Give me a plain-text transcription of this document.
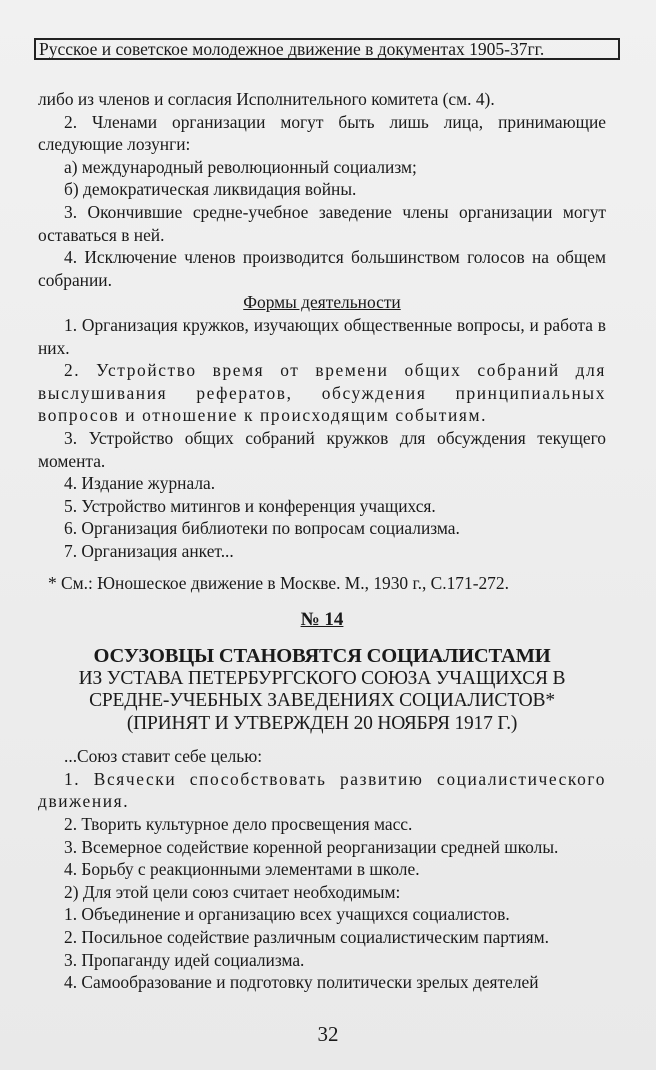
Русское и советское молодежное движение в документах 1905-37гг.

либо из членов и согласия Исполнительного комитета (см. 4).

2. Членами организации могут быть лишь лица, принимающие следующие лозунги:

а) международный революционный социализм;

б) демократическая ликвидация войны.

3. Окончившие средне-учебное заведение члены организации могут оставаться в ней.

4. Исключение членов производится большинством голосов на общем собрании.

Формы деятельности

1. Организация кружков, изучающих общественные вопросы, и работа в них.

2. Устройство время от времени общих собраний для выслушивания рефератов, обсуждения принципиальных вопросов и отношение к происходящим событиям.

3. Устройство общих собраний кружков для обсуждения текущего момента.

4. Издание журнала.

5. Устройство митингов и конференция учащихся.

6. Организация библиотеки по вопросам социализма.

7. Организация анкет...

* См.: Юношеское движение в Москве. М., 1930 г., С.171-272.

№ 14

ОСУЗОВЦЫ СТАНОВЯТСЯ СОЦИАЛИСТАМИ

ИЗ УСТАВА ПЕТЕРБУРГСКОГО СОЮЗА УЧАЩИХСЯ В СРЕДНЕ-УЧЕБНЫХ ЗАВЕДЕНИЯХ СОЦИАЛИСТОВ*

(ПРИНЯТ И УТВЕРЖДЕН 20 НОЯБРЯ 1917 Г.)

...Союз ставит себе целью:

1. Всячески способствовать развитию социалистического движения.

2. Творить культурное дело просвещения масс.

3. Всемерное содействие коренной реорганизации средней школы.

4. Борьбу с реакционными элементами в школе.

2) Для этой цели союз считает необходимым:

1. Объединение и организацию всех учащихся социалистов.

2. Посильное содействие различным социалистическим партиям.

3. Пропаганду идей социализма.

4. Самообразование и подготовку политически зрелых деятелей

32
